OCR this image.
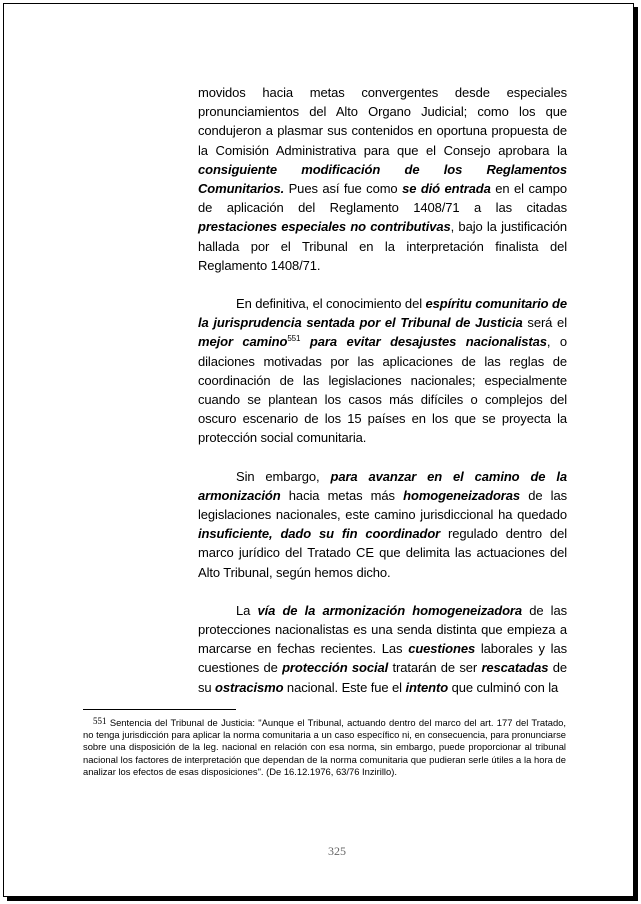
movidos hacia metas convergentes desde especiales pronunciamientos del Alto Organo Judicial; como los que condujeron a plasmar sus contenidos en oportuna propuesta de la Comisión Administrativa para que el Consejo aprobara la consiguiente modificación de los Reglamentos Comunitarios. Pues así fue como se dió entrada en el campo de aplicación del Reglamento 1408/71 a las citadas prestaciones especiales no contributivas, bajo la justificación hallada por el Tribunal en la interpretación finalista del Reglamento 1408/71.

En definitiva, el conocimiento del espíritu comunitario de la jurisprudencia sentada por el Tribunal de Justicia será el mejor camino$^{551}$ para evitar desajustes nacionalistas, o dilaciones motivadas por las aplicaciones de las reglas de coordinación de las legislaciones nacionales; especialmente cuando se plantean los casos más difíciles o complejos del oscuro escenario de los 15 países en los que se proyecta la protección social comunitaria.

Sin embargo, para avanzar en el camino de la armonización hacia metas más homogeneizadoras de las legislaciones nacionales, este camino jurisdiccional ha quedado insuficiente, dado su fin coordinador regulado dentro del marco jurídico del Tratado CE que delimita las actuaciones del Alto Tribunal, según hemos dicho.

La vía de la armonización homogeneizadora de las protecciones nacionalistas es una senda distinta que empieza a marcarse en fechas recientes. Las cuestiones laborales y las cuestiones de protección social tratarán de ser rescatadas de su ostracismo nacional. Este fue el intento que culminó con la

551 Sentencia del Tribunal de Justicia: "Aunque el Tribunal, actuando dentro del marco del art. 177 del Tratado, no tenga jurisdicción para aplicar la norma comunitaria a un caso específico ni, en consecuencia, para pronunciarse sobre una disposición de la leg. nacional en relación con esa norma, sin embargo, puede proporcionar al tribunal nacional los factores de interpretación que dependan de la norma comunitaria que pudieran serle útiles a la hora de analizar los efectos de esas disposiciones". (De 16.12.1976, 63/76 Inzirillo).
325
